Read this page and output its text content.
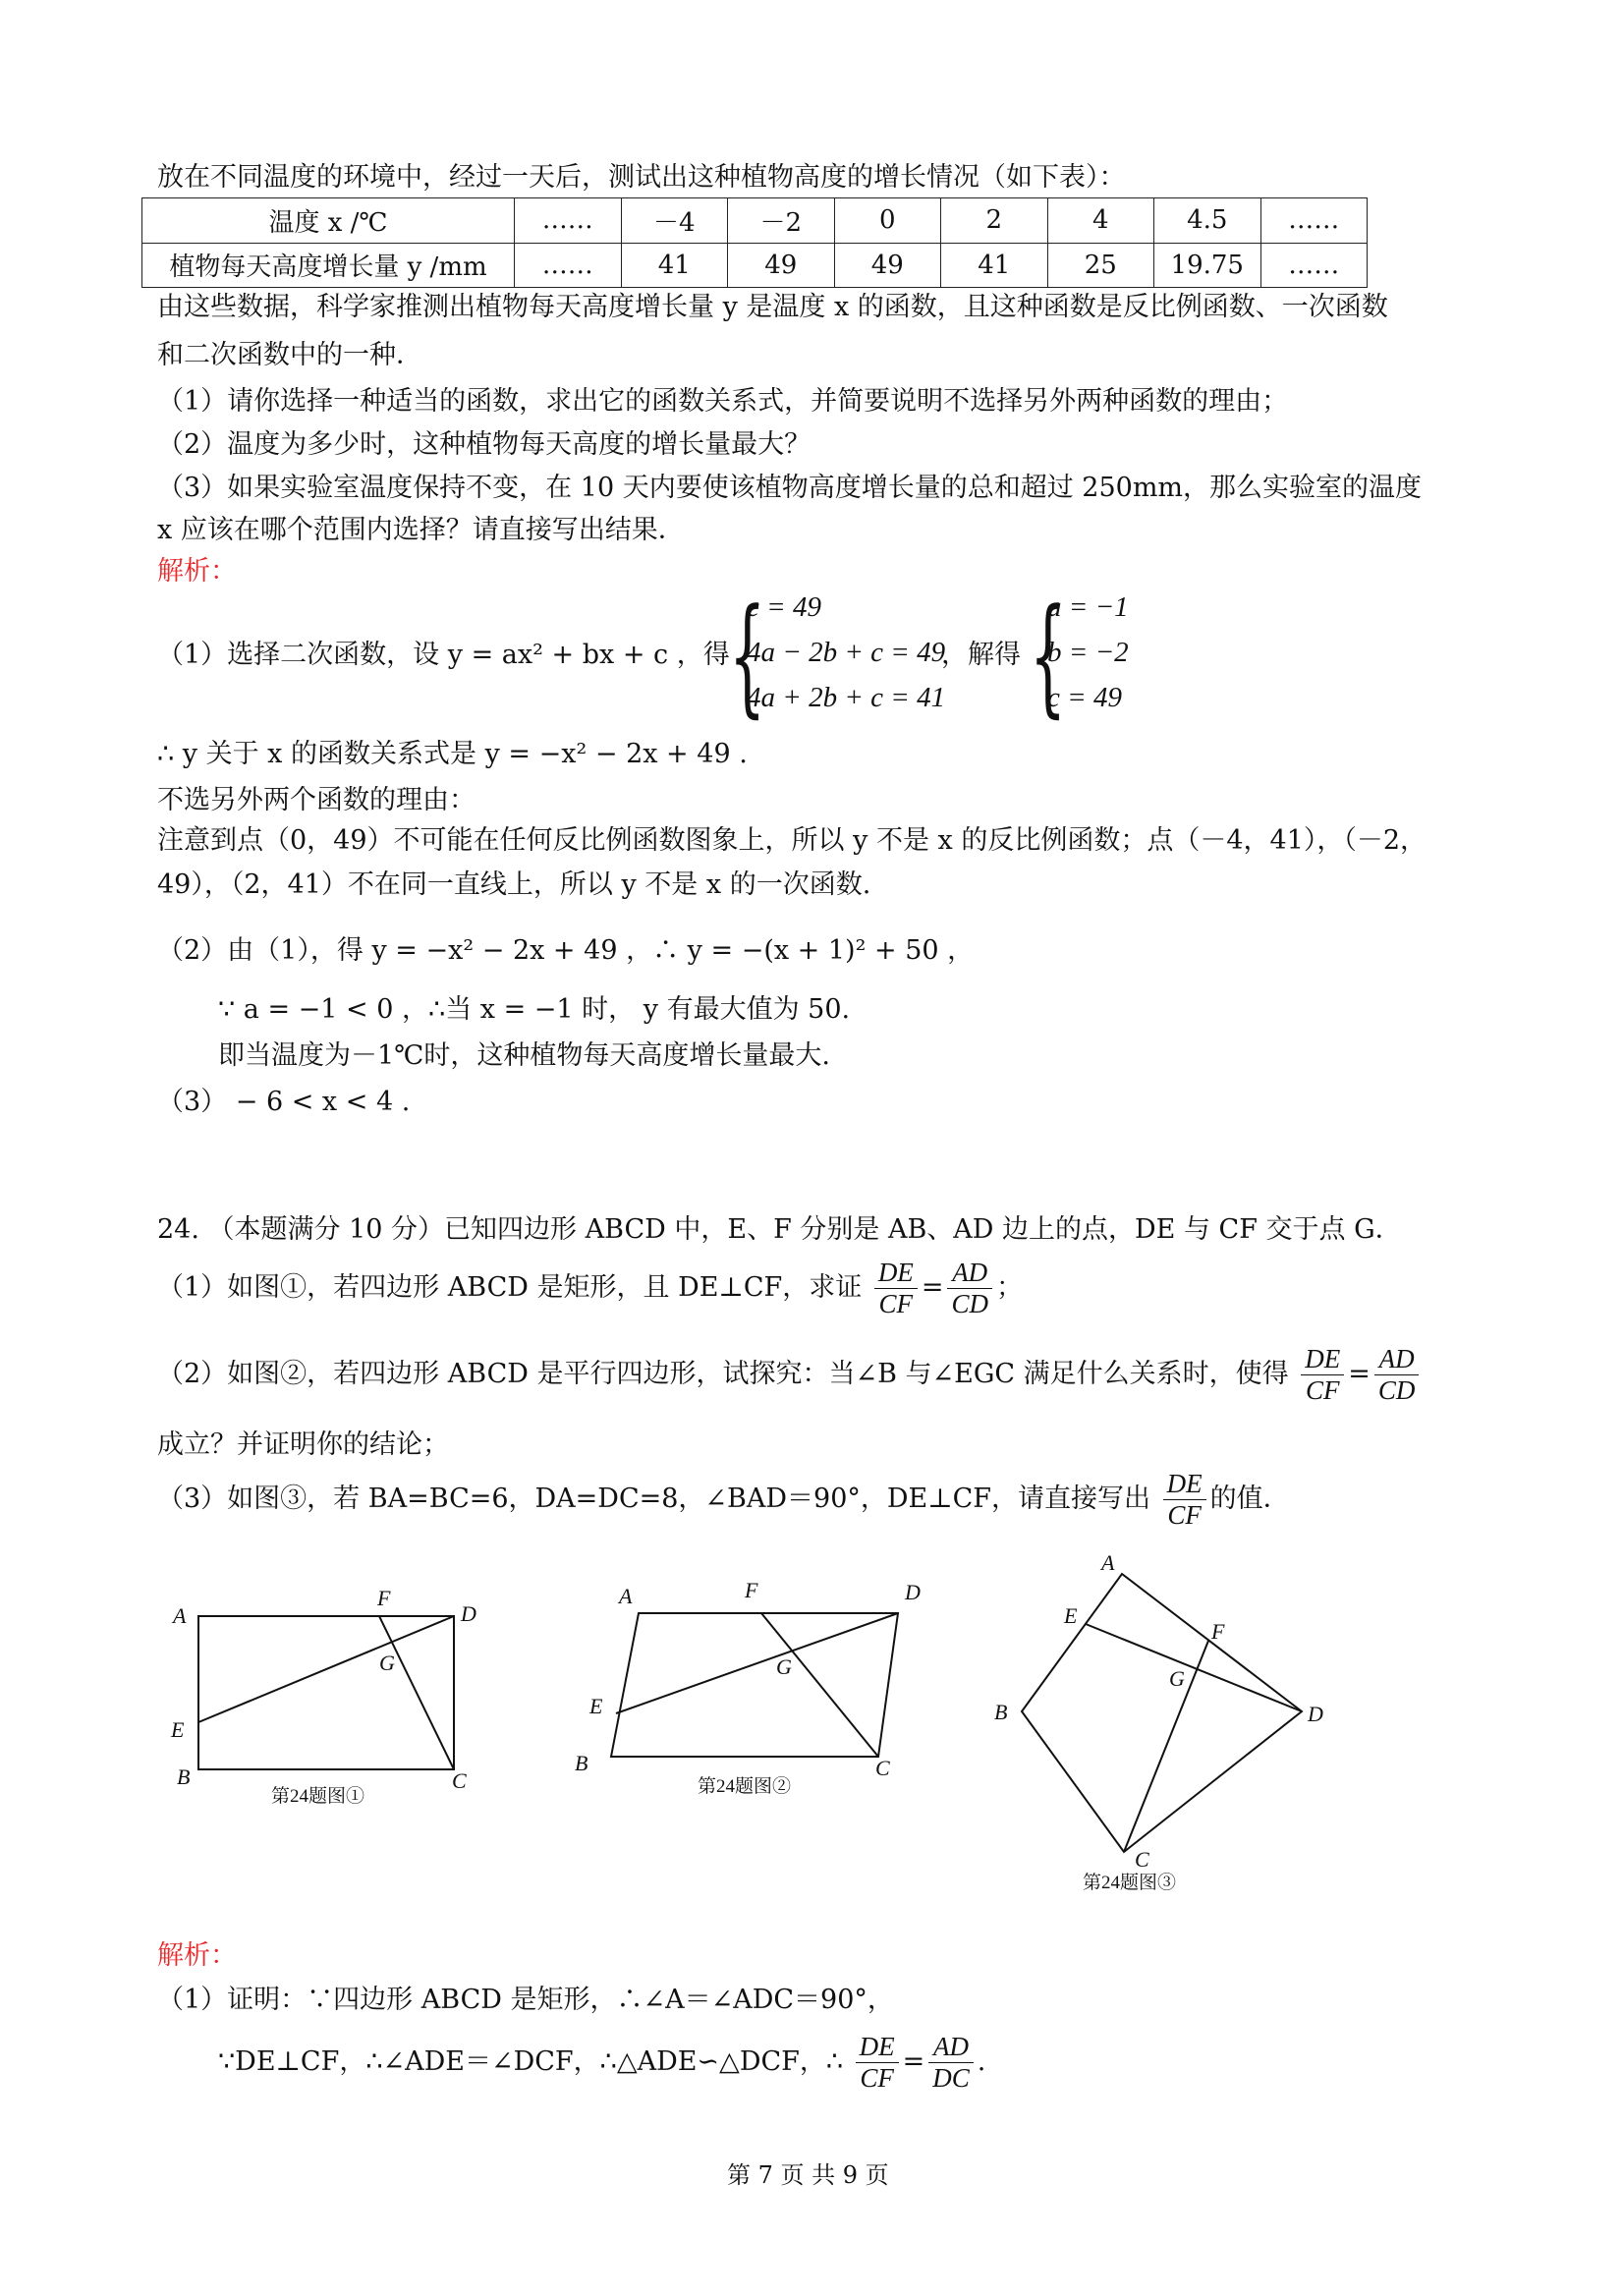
放在不同温度的环境中，经过一天后，测试出这种植物高度的增长情况（如下表）：
温度 x /℃	……	－4	－2	0	2	4	4.5	……
植物每天高度增长量 y /mm	……	41	49	49	41	25	19.75	……
由这些数据，科学家推测出植物每天高度增长量 y 是温度 x 的函数，且这种函数是反比例函数、一次函数
和二次函数中的一种．
（1）请你选择一种适当的函数，求出它的函数关系式，并简要说明不选择另外两种函数的理由；
（2）温度为多少时，这种植物每天高度的增长量最大？
（3）如果实验室温度保持不变，在 10 天内要使该植物高度增长量的总和超过 250mm，那么实验室的温度
x 应该在哪个范围内选择？请直接写出结果．
解析：
（1）选择二次函数，设 y = ax² + bx + c ，得 {
c = 49
4a − 2b + c = 49
4a + 2b + c = 41
，解得 {
a = −1
b = −2
c = 49
∴ y 关于 x 的函数关系式是 y = −x² − 2x + 49 .
不选另外两个函数的理由：
注意到点（0，49）不可能在任何反比例函数图象上，所以 y 不是 x 的反比例函数；点（－4，41），（－2，
49），（2，41）不在同一直线上，所以 y 不是 x 的一次函数.
（2）由（1），得 y = −x² − 2x + 49 ，∴ y = −(x + 1)² + 50 ，
∵ a = −1 < 0 ，∴当 x = −1 时， y 有最大值为 50.
即当温度为－1℃时，这种植物每天高度增长量最大.
（3） − 6 < x < 4 .
24. （本题满分 10 分）已知四边形 ABCD 中，E、F 分别是 AB、AD 边上的点，DE 与 CF 交于点 G．
（1）如图①，若四边形 ABCD 是矩形，且 DE⊥CF，求证 $\frac{DE}{CF} = \frac{AD}{CD}$ ；
（2）如图②，若四边形 ABCD 是平行四边形，试探究：当∠B 与∠EGC 满足什么关系时，使得 $\frac{DE}{CF} = \frac{AD}{CD}$
成立？并证明你的结论；
（3）如图③，若 BA=BC=6，DA=DC=8，∠BAD＝90°，DE⊥CF，请直接写出 $\frac{DE}{CF}$ 的值．
A
F
D
G
E
B	C
A	F	D
G
E
B	C
A
E
F
G
B	D
C
第24题图①	第24题图②
第24题图③
解析：
（1）证明：∵四边形 ABCD 是矩形，∴∠A＝∠ADC＝90°，
∵DE⊥CF，∴∠ADE＝∠DCF，∴△ADE∽△DCF，∴ $\frac{DE}{CF} = \frac{AD}{DC}$ .
第 7 页 共 9 页
